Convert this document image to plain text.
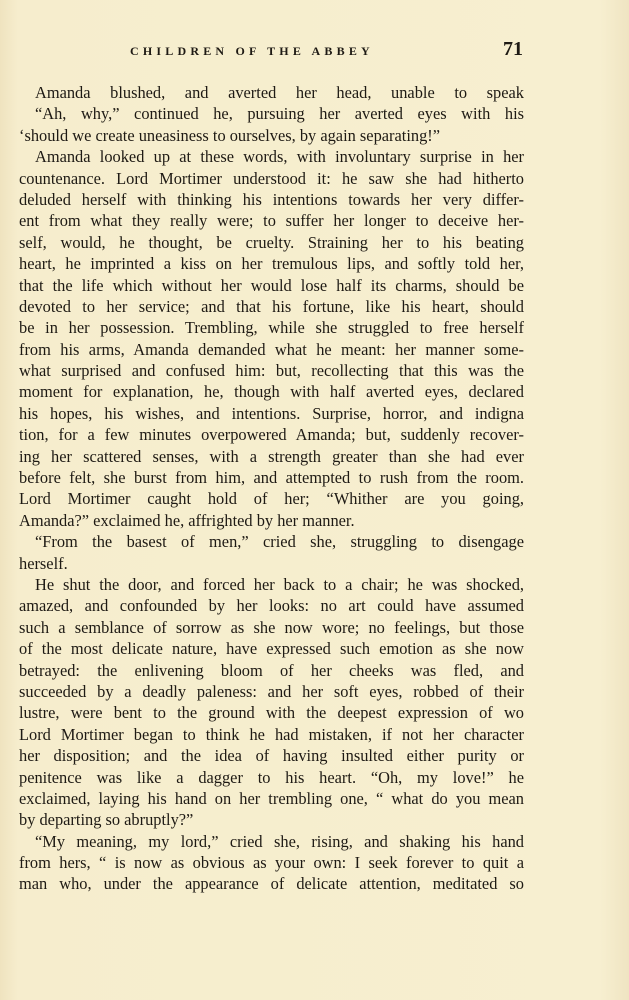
CHILDREN OF THE ABBEY	71
Amanda blushed, and averted her head, unable to speak
“Ah, why,” continued he, pursuing her averted eyes with his
‘should we create uneasiness to ourselves, by again separating!”
Amanda looked up at these words, with involuntary surprise in her
countenance. Lord Mortimer understood it: he saw she had hitherto
deluded herself with thinking his intentions towards her very differ-
ent from what they really were; to suffer her longer to deceive her-
self, would, he thought, be cruelty. Straining her to his beating
heart, he imprinted a kiss on her tremulous lips, and softly told her,
that the life which without her would lose half its charms, should be
devoted to her service; and that his fortune, like his heart, should
be in her possession. Trembling, while she struggled to free herself
from his arms, Amanda demanded what he meant: her manner some-
what surprised and confused him: but, recollecting that this was the
moment for explanation, he, though with half averted eyes, declared
his hopes, his wishes, and intentions. Surprise, horror, and indigna
tion, for a few minutes overpowered Amanda; but, suddenly recover-
ing her scattered senses, with a strength greater than she had ever
before felt, she burst from him, and attempted to rush from the room.
Lord Mortimer caught hold of her; “Whither are you going,
Amanda?” exclaimed he, affrighted by her manner.
“From the basest of men,” cried she, struggling to disengage
herself.
He shut the door, and forced her back to a chair; he was shocked,
amazed, and confounded by her looks: no art could have assumed
such a semblance of sorrow as she now wore; no feelings, but those
of the most delicate nature, have expressed such emotion as she now
betrayed: the enlivening bloom of her cheeks was fled, and
succeeded by a deadly paleness: and her soft eyes, robbed of their
lustre, were bent to the ground with the deepest expression of wo
Lord Mortimer began to think he had mistaken, if not her character
her disposition; and the idea of having insulted either purity or
penitence was like a dagger to his heart. “Oh, my love!” he
exclaimed, laying his hand on her trembling one, “ what do you mean
by departing so abruptly?”
“My meaning, my lord,” cried she, rising, and shaking his hand
from hers, “ is now as obvious as your own: I seek forever to quit a
man who, under the appearance of delicate attention, meditated so
